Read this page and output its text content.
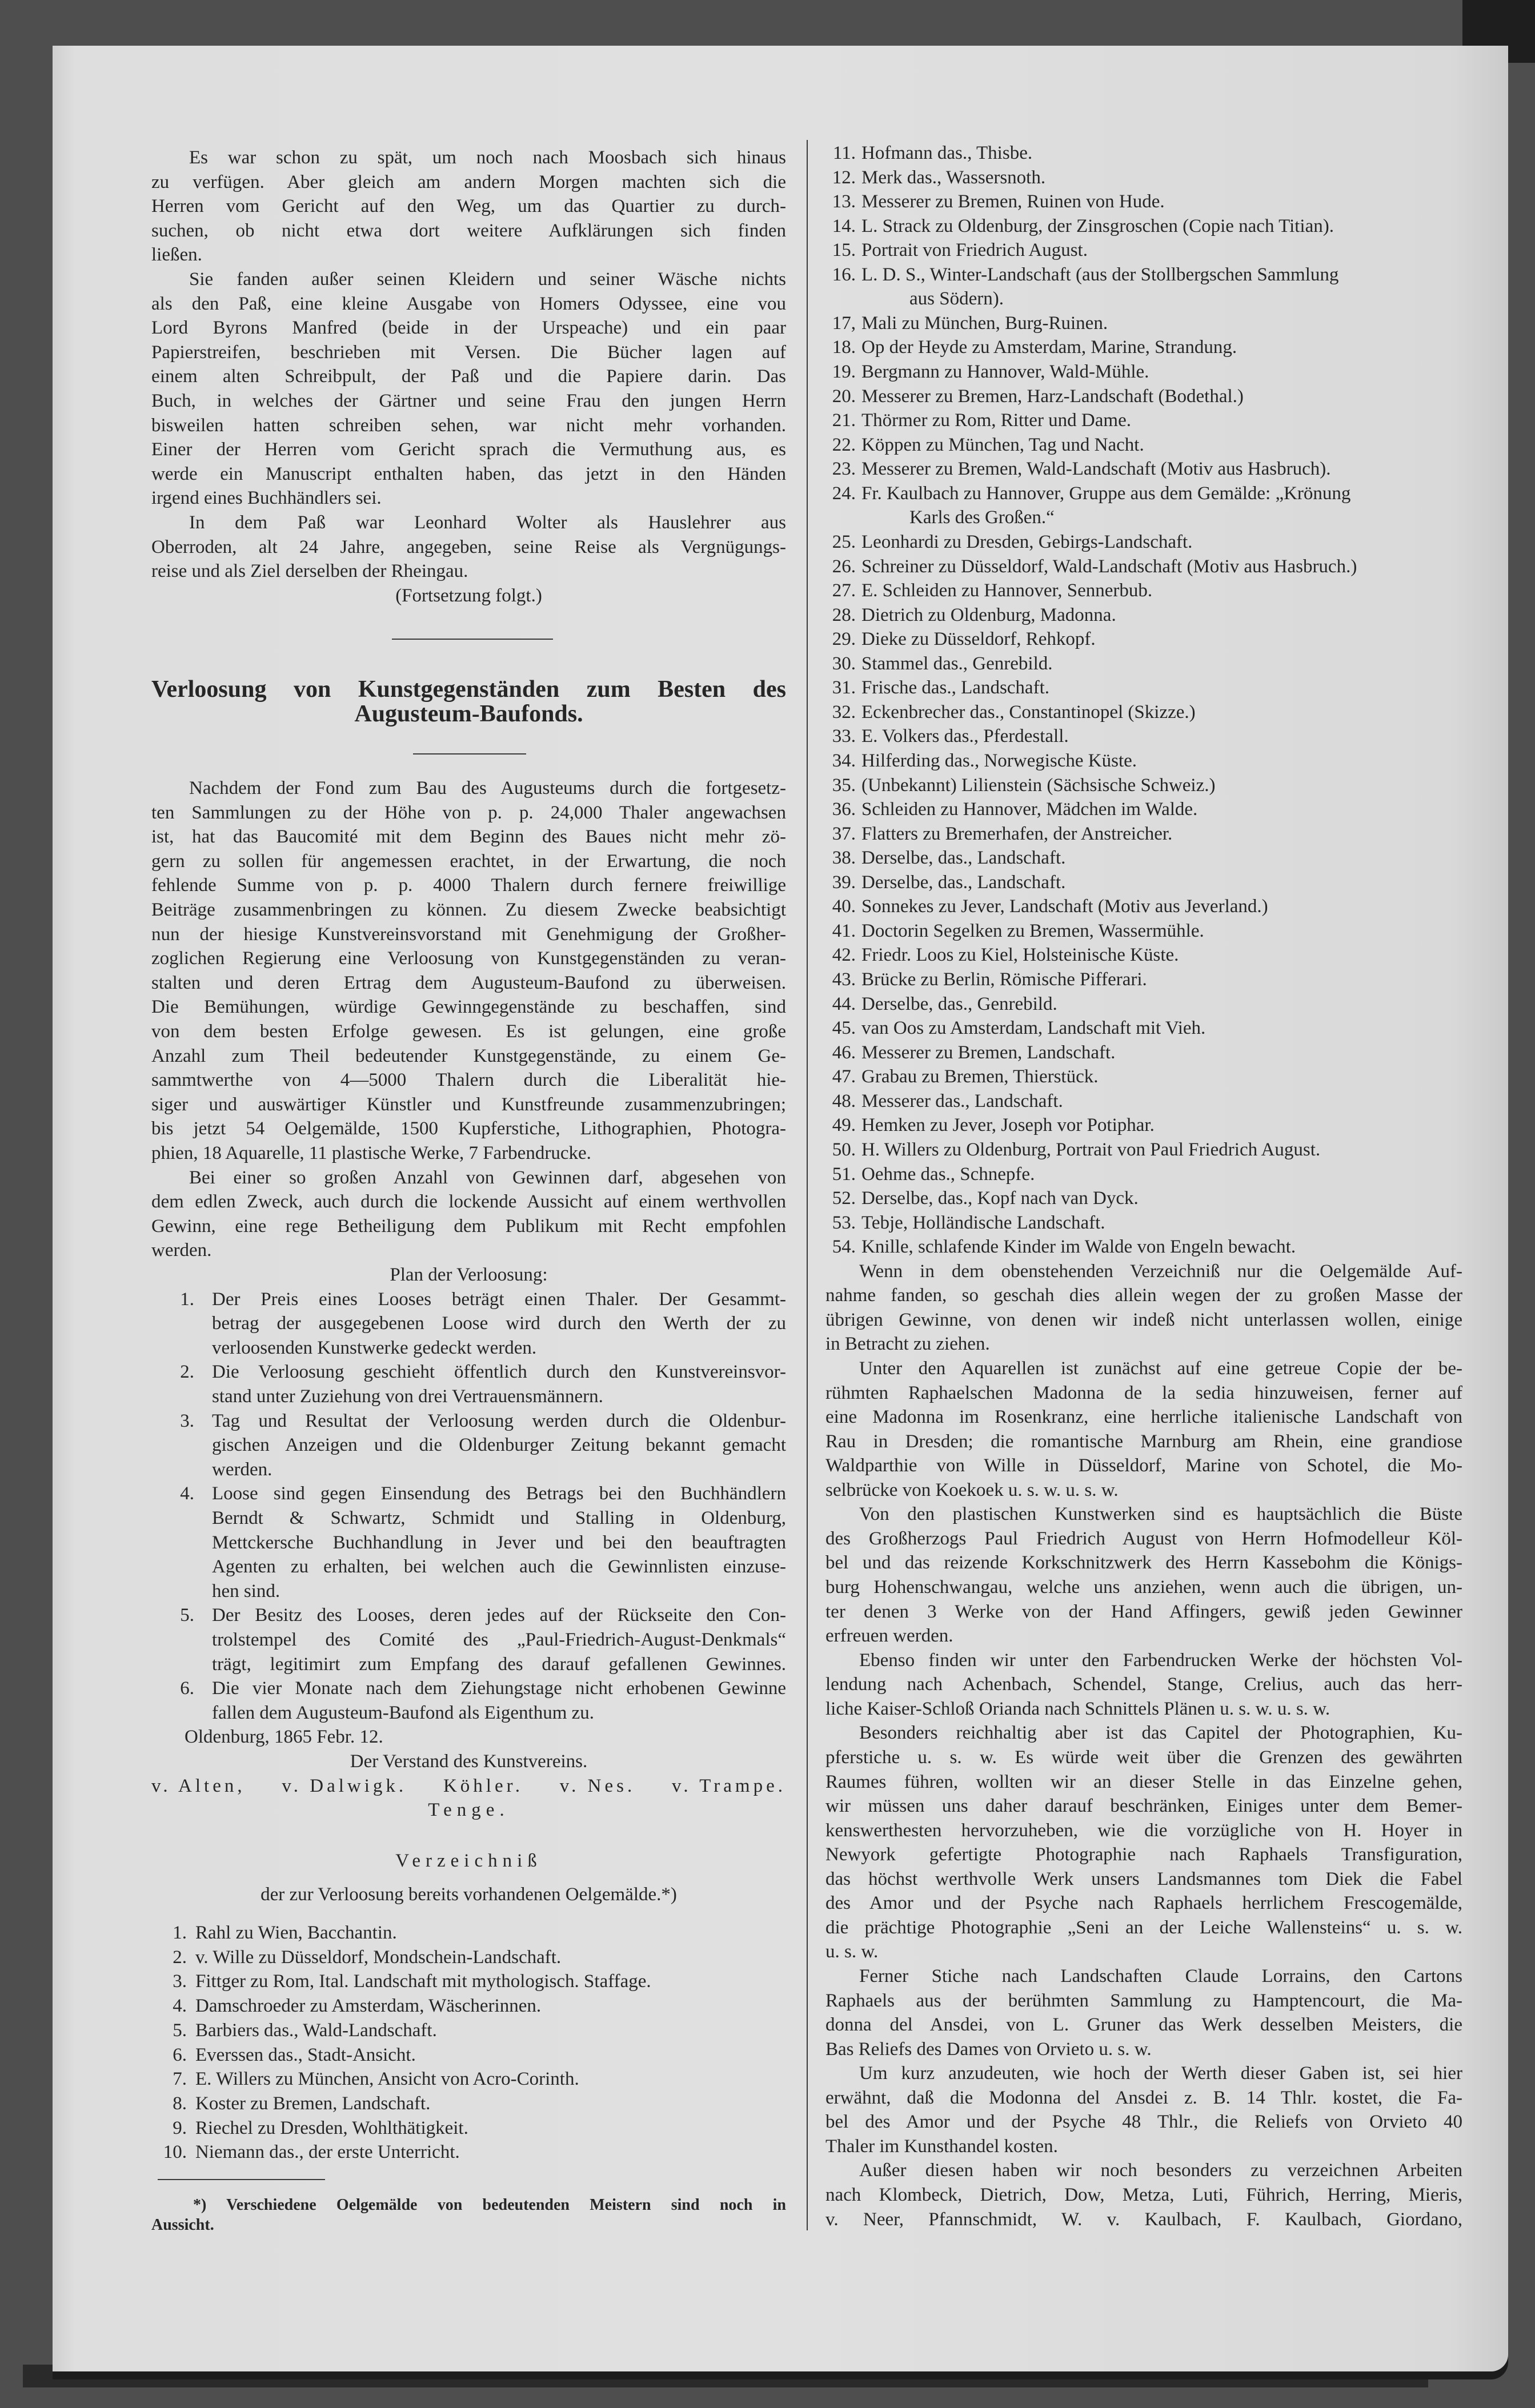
Es war schon zu spät, um noch nach Moosbach sich hinaus
zu verfügen. Aber gleich am andern Morgen machten sich die
Herren vom Gericht auf den Weg, um das Quartier zu durch-
suchen, ob nicht etwa dort weitere Aufklärungen sich finden
ließen.
Sie fanden außer seinen Kleidern und seiner Wäsche nichts
als den Paß, eine kleine Ausgabe von Homers Odyssee, eine vou
Lord Byrons Manfred (beide in der Urspeache) und ein paar
Papierstreifen, beschrieben mit Versen. Die Bücher lagen auf
einem alten Schreibpult, der Paß und die Papiere darin. Das
Buch, in welches der Gärtner und seine Frau den jungen Herrn
bisweilen hatten schreiben sehen, war nicht mehr vorhanden.
Einer der Herren vom Gericht sprach die Vermuthung aus, es
werde ein Manuscript enthalten haben, das jetzt in den Händen
irgend eines Buchhändlers sei.
In dem Paß war Leonhard Wolter als Hauslehrer aus
Oberroden, alt 24 Jahre, angegeben, seine Reise als Vergnügungs-
reise und als Ziel derselben der Rheingau.
(Fortsetzung folgt.)
Verloosung von Kunstgegenständen zum Besten des
Augusteum-Baufonds.
Nachdem der Fond zum Bau des Augusteums durch die fortgesetz-
ten Sammlungen zu der Höhe von p. p. 24,000 Thaler angewachsen
ist, hat das Baucomité mit dem Beginn des Baues nicht mehr zö-
gern zu sollen für angemessen erachtet, in der Erwartung, die noch
fehlende Summe von p. p. 4000 Thalern durch fernere freiwillige
Beiträge zusammenbringen zu können. Zu diesem Zwecke beabsichtigt
nun der hiesige Kunstvereinsvorstand mit Genehmigung der Großher-
zoglichen Regierung eine Verloosung von Kunstgegenständen zu veran-
stalten und deren Ertrag dem Augusteum-Baufond zu überweisen.
Die Bemühungen, würdige Gewinngegenstände zu beschaffen, sind
von dem besten Erfolge gewesen. Es ist gelungen, eine große
Anzahl zum Theil bedeutender Kunstgegenstände, zu einem Ge-
sammtwerthe von 4—5000 Thalern durch die Liberalität hie-
siger und auswärtiger Künstler und Kunstfreunde zusammenzubringen;
bis jetzt 54 Oelgemälde, 1500 Kupferstiche, Lithographien, Photogra-
phien, 18 Aquarelle, 11 plastische Werke, 7 Farbendrucke.
Bei einer so großen Anzahl von Gewinnen darf, abgesehen von
dem edlen Zweck, auch durch die lockende Aussicht auf einem werthvollen
Gewinn, eine rege Betheiligung dem Publikum mit Recht empfohlen
werden.
Plan der Verloosung:
1. Der Preis eines Looses beträgt einen Thaler. Der Gesammt-
betrag der ausgegebenen Loose wird durch den Werth der zu
verloosenden Kunstwerke gedeckt werden.
2. Die Verloosung geschieht öffentlich durch den Kunstvereinsvor-
stand unter Zuziehung von drei Vertrauensmännern.
3. Tag und Resultat der Verloosung werden durch die Oldenbur-
gischen Anzeigen und die Oldenburger Zeitung bekannt gemacht
werden.
4. Loose sind gegen Einsendung des Betrags bei den Buchhändlern
Berndt & Schwartz, Schmidt und Stalling in Oldenburg,
Mettckersche Buchhandlung in Jever und bei den beauftragten
Agenten zu erhalten, bei welchen auch die Gewinnlisten einzuse-
hen sind.
5. Der Besitz des Looses, deren jedes auf der Rückseite den Con-
trolstempel des Comité des „Paul-Friedrich-August-Denkmals“
trägt, legitimirt zum Empfang des darauf gefallenen Gewinnes.
6. Die vier Monate nach dem Ziehungstage nicht erhobenen Gewinne
fallen dem Augusteum-Baufond als Eigenthum zu.
Oldenburg, 1865 Febr. 12.
Der Verstand des Kunstvereins.
v. Alten, v. Dalwigk. Köhler. v. Nes. v. Trampe.
Tenge.
Verzeichniß
der zur Verloosung bereits vorhandenen Oelgemälde.*)
1. Rahl zu Wien, Bacchantin.
2. v. Wille zu Düsseldorf, Mondschein-Landschaft.
3. Fittger zu Rom, Ital. Landschaft mit mythologisch. Staffage.
4. Damschroeder zu Amsterdam, Wäscherinnen.
5. Barbiers das., Wald-Landschaft.
6. Everssen das., Stadt-Ansicht.
7. E. Willers zu München, Ansicht von Acro-Corinth.
8. Koster zu Bremen, Landschaft.
9. Riechel zu Dresden, Wohlthätigkeit.
10. Niemann das., der erste Unterricht.
*) Verschiedene Oelgemälde von bedeutenden Meistern sind noch in
Aussicht.
11. Hofmann das., Thisbe.
12. Merk das., Wassersnoth.
13. Messerer zu Bremen, Ruinen von Hude.
14. L. Strack zu Oldenburg, der Zinsgroschen (Copie nach Titian).
15. Portrait von Friedrich August.
16. L. D. S., Winter-Landschaft (aus der Stollbergschen Sammlung
aus Södern).
17, Mali zu München, Burg-Ruinen.
18. Op der Heyde zu Amsterdam, Marine, Strandung.
19. Bergmann zu Hannover, Wald-Mühle.
20. Messerer zu Bremen, Harz-Landschaft (Bodethal.)
21. Thörmer zu Rom, Ritter und Dame.
22. Köppen zu München, Tag und Nacht.
23. Messerer zu Bremen, Wald-Landschaft (Motiv aus Hasbruch).
24. Fr. Kaulbach zu Hannover, Gruppe aus dem Gemälde: „Krönung
Karls des Großen.“
25. Leonhardi zu Dresden, Gebirgs-Landschaft.
26. Schreiner zu Düsseldorf, Wald-Landschaft (Motiv aus Hasbruch.)
27. E. Schleiden zu Hannover, Sennerbub.
28. Dietrich zu Oldenburg, Madonna.
29. Dieke zu Düsseldorf, Rehkopf.
30. Stammel das., Genrebild.
31. Frische das., Landschaft.
32. Eckenbrecher das., Constantinopel (Skizze.)
33. E. Volkers das., Pferdestall.
34. Hilferding das., Norwegische Küste.
35. (Unbekannt) Lilienstein (Sächsische Schweiz.)
36. Schleiden zu Hannover, Mädchen im Walde.
37. Flatters zu Bremerhafen, der Anstreicher.
38. Derselbe, das., Landschaft.
39. Derselbe, das., Landschaft.
40. Sonnekes zu Jever, Landschaft (Motiv aus Jeverland.)
41. Doctorin Segelken zu Bremen, Wassermühle.
42. Friedr. Loos zu Kiel, Holsteinische Küste.
43. Brücke zu Berlin, Römische Pifferari.
44. Derselbe, das., Genrebild.
45. van Oos zu Amsterdam, Landschaft mit Vieh.
46. Messerer zu Bremen, Landschaft.
47. Grabau zu Bremen, Thierstück.
48. Messerer das., Landschaft.
49. Hemken zu Jever, Joseph vor Potiphar.
50. H. Willers zu Oldenburg, Portrait von Paul Friedrich August.
51. Oehme das., Schnepfe.
52. Derselbe, das., Kopf nach van Dyck.
53. Tebje, Holländische Landschaft.
54. Knille, schlafende Kinder im Walde von Engeln bewacht.
Wenn in dem obenstehenden Verzeichniß nur die Oelgemälde Auf-
nahme fanden, so geschah dies allein wegen der zu großen Masse der
übrigen Gewinne, von denen wir indeß nicht unterlassen wollen, einige
in Betracht zu ziehen.
Unter den Aquarellen ist zunächst auf eine getreue Copie der be-
rühmten Raphaelschen Madonna de la sedia hinzuweisen, ferner auf
eine Madonna im Rosenkranz, eine herrliche italienische Landschaft von
Rau in Dresden; die romantische Marnburg am Rhein, eine grandiose
Waldparthie von Wille in Düsseldorf, Marine von Schotel, die Mo-
selbrücke von Koekoek u. s. w. u. s. w.
Von den plastischen Kunstwerken sind es hauptsächlich die Büste
des Großherzogs Paul Friedrich August von Herrn Hofmodelleur Köl-
bel und das reizende Korkschnitzwerk des Herrn Kassebohm die Königs-
burg Hohenschwangau, welche uns anziehen, wenn auch die übrigen, un-
ter denen 3 Werke von der Hand Affingers, gewiß jeden Gewinner
erfreuen werden.
Ebenso finden wir unter den Farbendrucken Werke der höchsten Vol-
lendung nach Achenbach, Schendel, Stange, Crelius, auch das herr-
liche Kaiser-Schloß Orianda nach Schnittels Plänen u. s. w. u. s. w.
Besonders reichhaltig aber ist das Capitel der Photographien, Ku-
pferstiche u. s. w. Es würde weit über die Grenzen des gewährten
Raumes führen, wollten wir an dieser Stelle in das Einzelne gehen,
wir müssen uns daher darauf beschränken, Einiges unter dem Bemer-
kenswerthesten hervorzuheben, wie die vorzügliche von H. Hoyer in
Newyork gefertigte Photographie nach Raphaels Transfiguration,
das höchst werthvolle Werk unsers Landsmannes tom Diek die Fabel
des Amor und der Psyche nach Raphaels herrlichem Frescogemälde,
die prächtige Photographie „Seni an der Leiche Wallensteins“ u. s. w.
u. s. w.
Ferner Stiche nach Landschaften Claude Lorrains, den Cartons
Raphaels aus der berühmten Sammlung zu Hamptencourt, die Ma-
donna del Ansdei, von L. Gruner das Werk desselben Meisters, die
Bas Reliefs des Dames von Orvieto u. s. w.
Um kurz anzudeuten, wie hoch der Werth dieser Gaben ist, sei hier
erwähnt, daß die Modonna del Ansdei z. B. 14 Thlr. kostet, die Fa-
bel des Amor und der Psyche 48 Thlr., die Reliefs von Orvieto 40
Thaler im Kunsthandel kosten.
Außer diesen haben wir noch besonders zu verzeichnen Arbeiten
nach Klombeck, Dietrich, Dow, Metza, Luti, Führich, Herring, Mieris,
v. Neer, Pfannschmidt, W. v. Kaulbach, F. Kaulbach, Giordano,
